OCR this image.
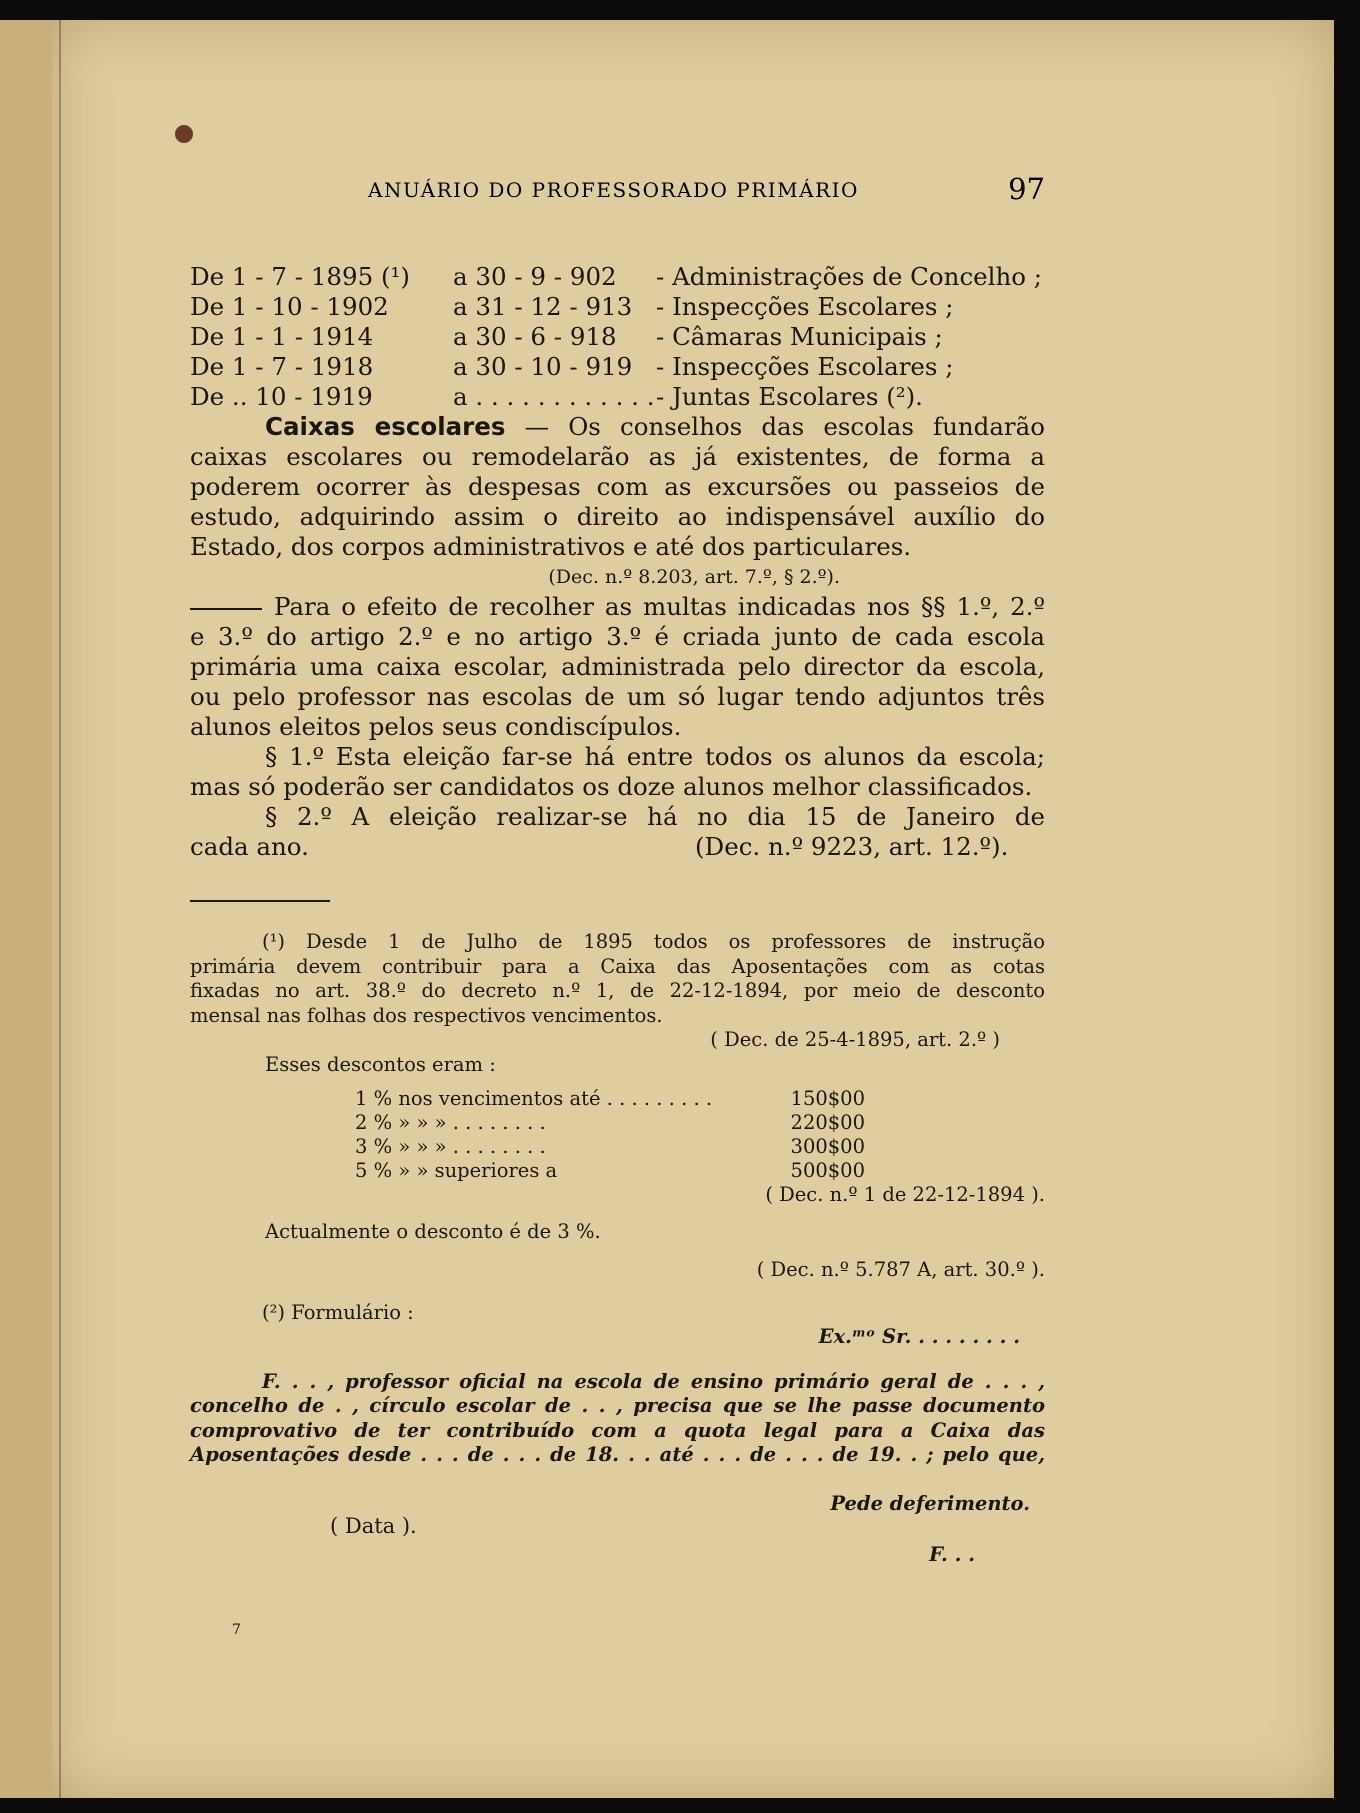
ANUÁRIO DO PROFESSORADO PRIMÁRIO	97
De 1 - 7 - 1895 (¹)	a 30 - 9 - 902	- Administrações de Concelho ;
De 1 - 10 - 1902	a 31 - 12 - 913 - Inspecções Escolares ;
De 1 - 1 - 1914	a 30 - 6 - 918	- Câmaras Municipais ;
De 1 - 7 - 1918	a 30 - 10 - 919 - Inspecções Escolares ;
De .. 10 - 1919	a . . . . . . . . . . . . - Juntas Escolares (²).
Caixas escolares — Os conselhos das escolas fundarão
caixas escolares ou remodelarão as já existentes, de forma a
poderem ocorrer às despesas com as excursões ou passeios de
estudo, adquirindo assim o direito ao indispensável auxílio do
Estado, dos corpos administrativos e até dos particulares.
(Dec. n.º 8.203, art. 7.º, § 2.º).
Para o efeito de recolher as multas indicadas nos §§ 1.º, 2.º
e 3.º do artigo 2.º e no artigo 3.º é criada junto de cada escola
primária uma caixa escolar, administrada pelo director da escola,
ou pelo professor nas escolas de um só lugar tendo adjuntos três
alunos eleitos pelos seus condiscípulos.
§ 1.º Esta eleição far-se há entre todos os alunos da escola;
mas só poderão ser candidatos os doze alunos melhor classificados.
§ 2.º A eleição realizar-se há no dia 15 de Janeiro de
cada ano.	(Dec. n.º 9223, art. 12.º).
(¹) Desde 1 de Julho de 1895 todos os professores de instrução
primária devem contribuir para a Caixa das Aposentações com as cotas
fixadas no art. 38.º do decreto n.º 1, de 22-12-1894, por meio de desconto
mensal nas folhas dos respectivos vencimentos.
( Dec. de 25-4-1895, art. 2.º )
Esses descontos eram :
1 % nos vencimentos até . . . . . . . . .	150$00
2 % » » » . . . . . . . .	220$00
3 % » » » . . . . . . . .	300$00
5 % » » superiores a	500$00
( Dec. n.º 1 de 22-12-1894 ).
Actualmente o desconto é de 3 %.
( Dec. n.º 5.787 A, art. 30.º ).
(²) Formulário :
Ex.ᵐᵒ Sr. . . . . . . . .
F. . . , professor oficial na escola de ensino primário geral de . . . ,
concelho de . , círculo escolar de . . , precisa que se lhe passe documento
comprovativo de ter contribuído com a quota legal para a Caixa das
Aposentações desde . . . de . . . de 18. . . até . . . de . . . de 19. . ; pelo que,
Pede deferimento.
( Data ).
F. . .
7
